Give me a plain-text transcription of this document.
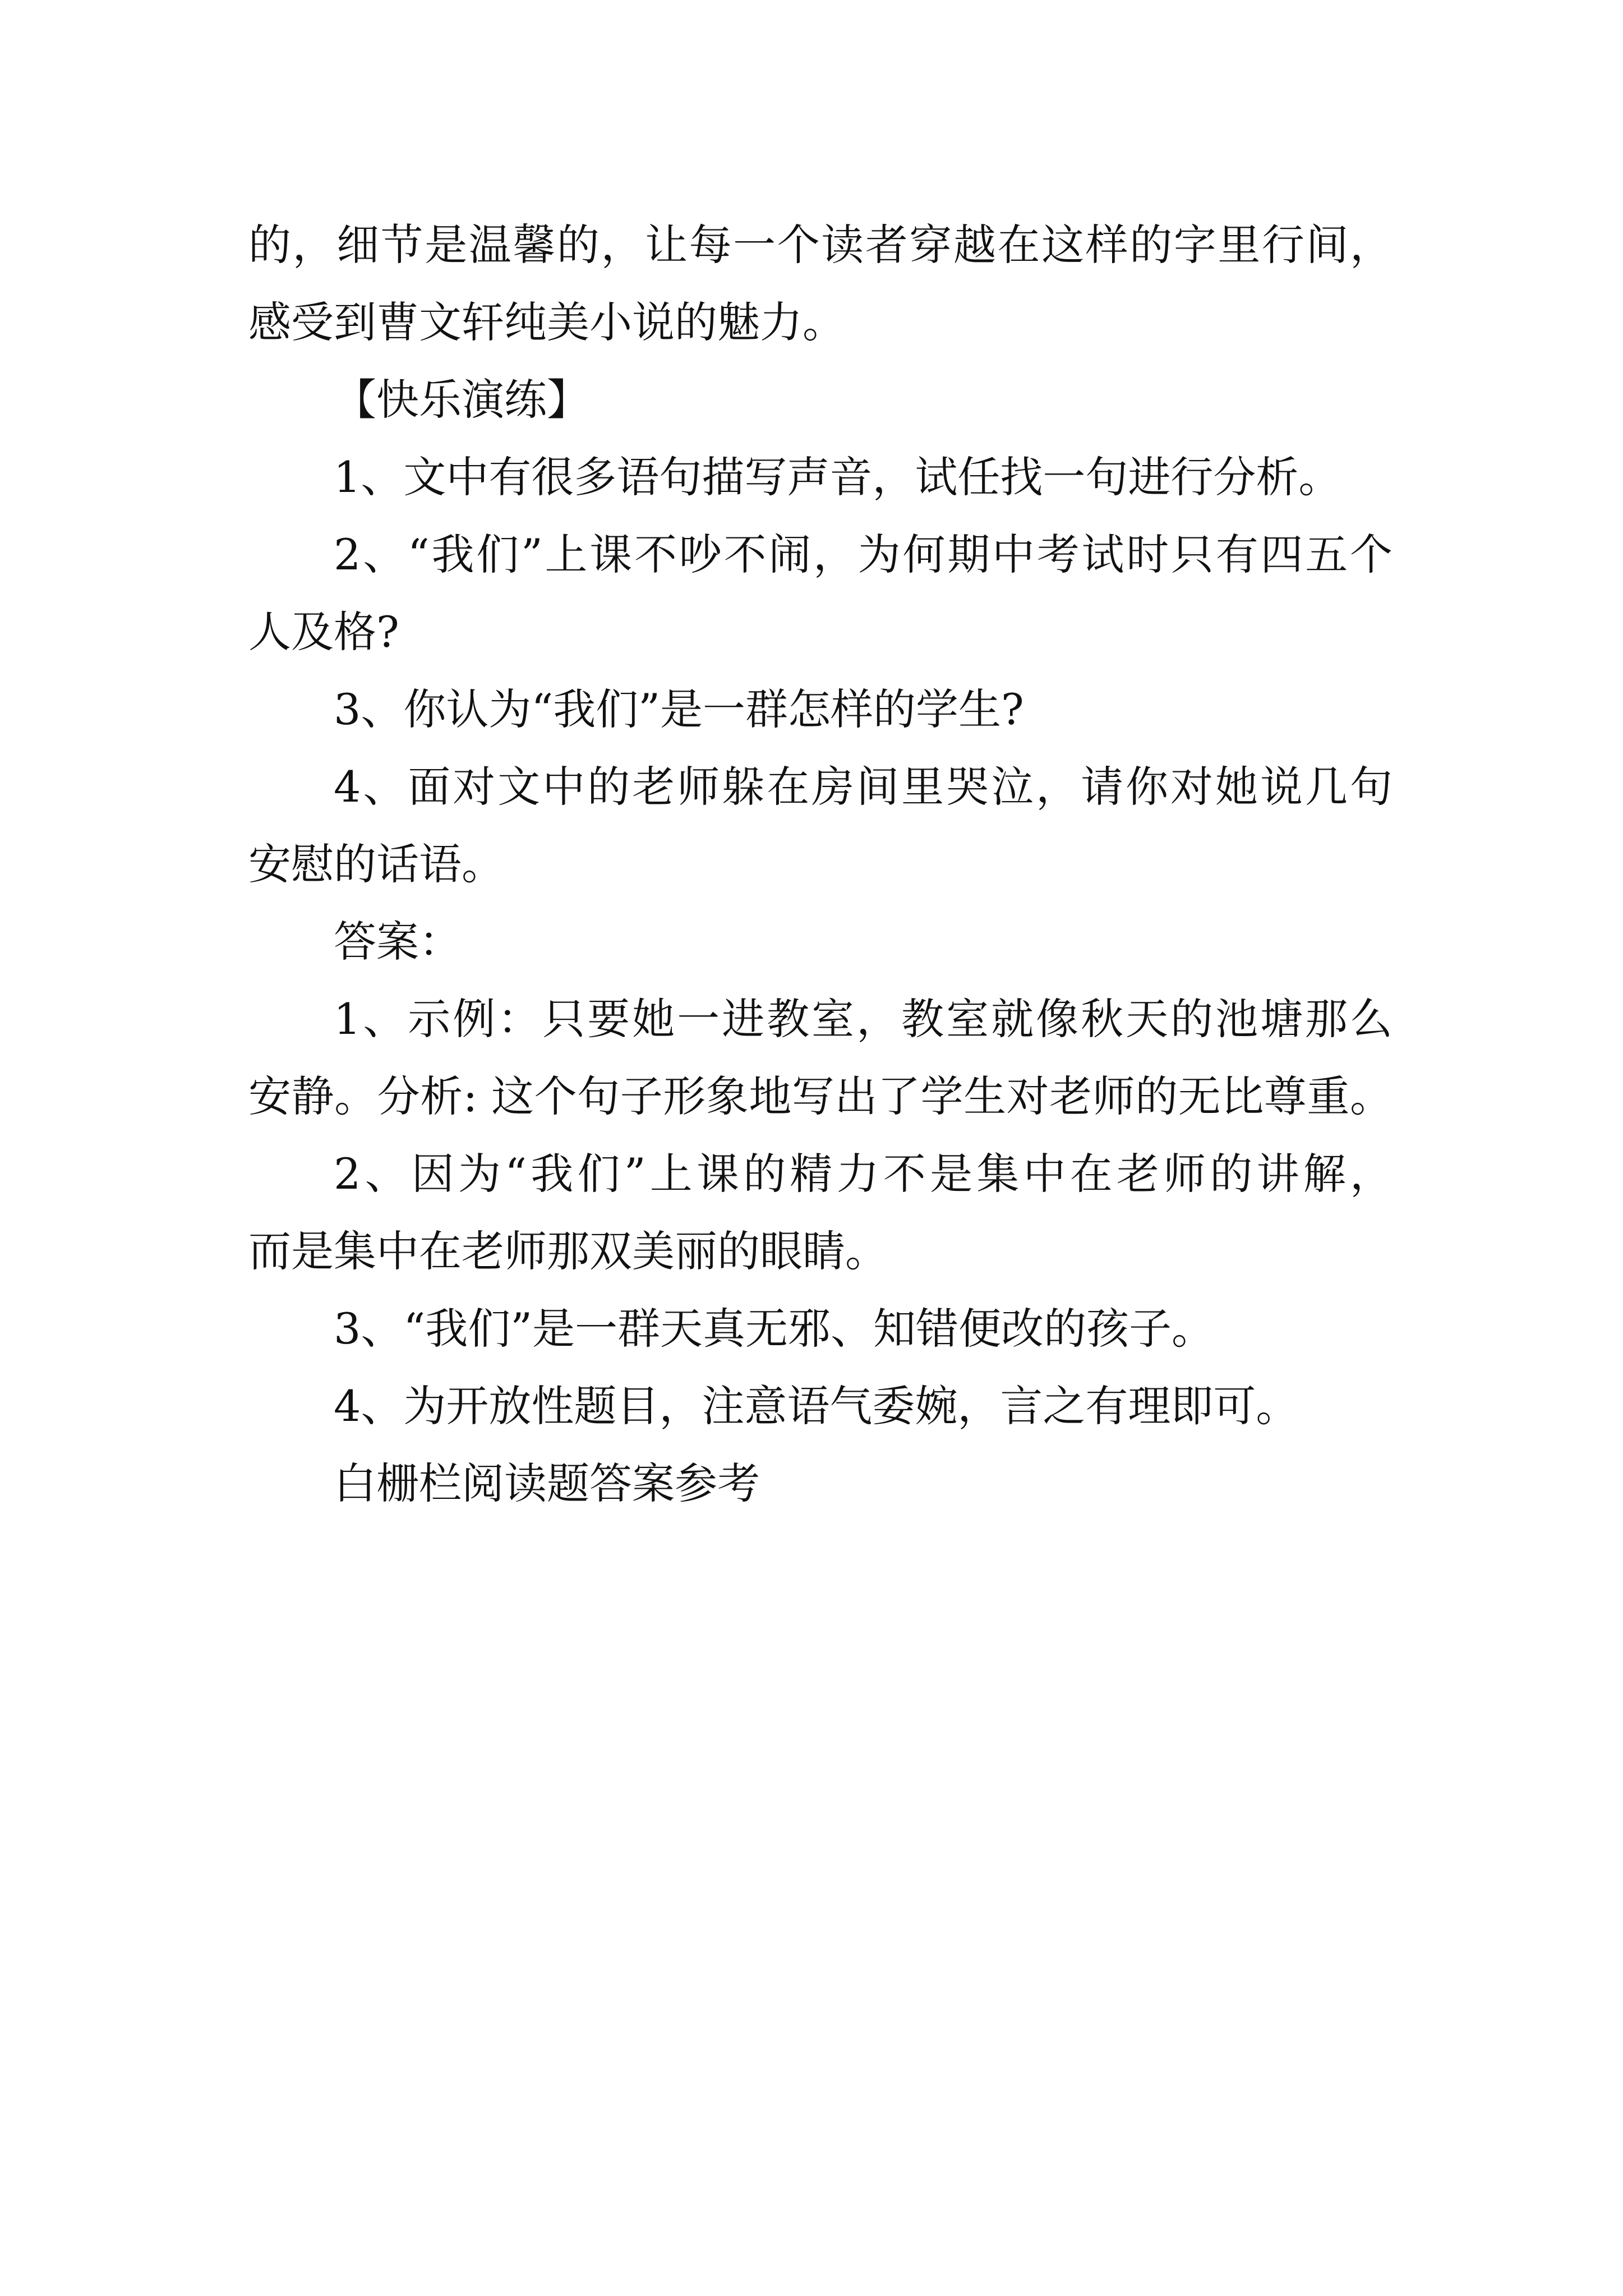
的，细节是温馨的，让每一个读者穿越在这样的字里行间，

感受到曹文轩纯美小说的魅力。

【快乐演练】

1、文中有很多语句描写声音，试任找一句进行分析。

2、“我们”上课不吵不闹，为何期中考试时只有四五个

人及格?

3、你认为“我们”是一群怎样的学生?

4、面对文中的老师躲在房间里哭泣，请你对她说几句

安慰的话语。

答案：

1、示例：只要她一进教室，教室就像秋天的池塘那么

安静。分析: 这个句子形象地写出了学生对老师的无比尊重。

2、因为“我们”上课的精力不是集中在老师的讲解，

而是集中在老师那双美丽的眼睛。

3、“我们”是一群天真无邪、知错便改的孩子。

4、为开放性题目，注意语气委婉，言之有理即可。

白栅栏阅读题答案参考
